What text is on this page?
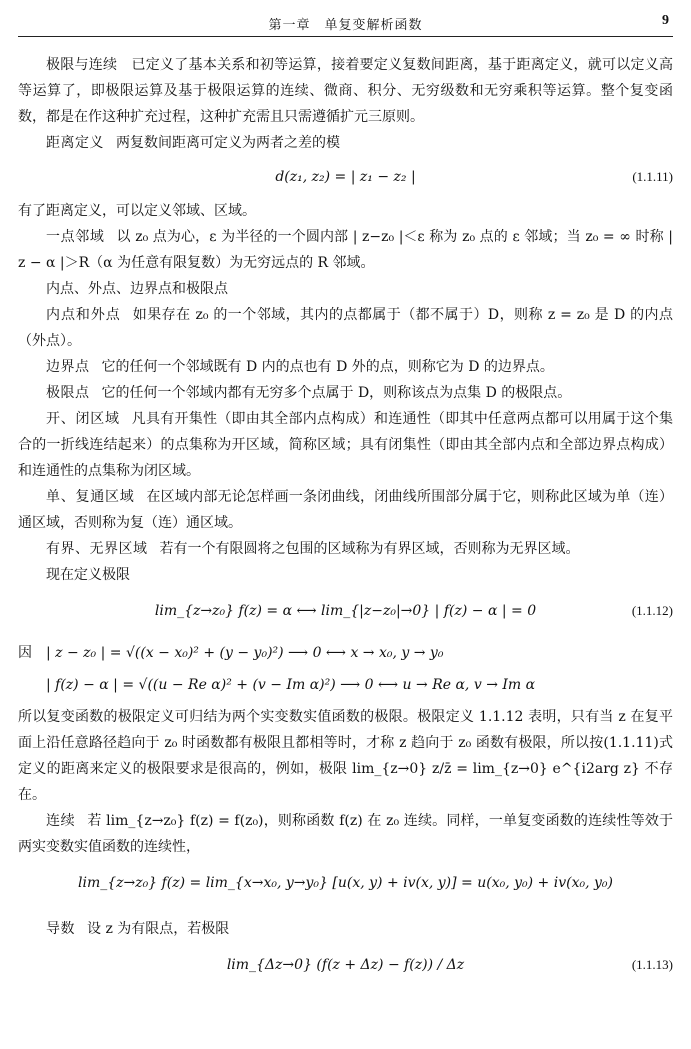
第一章　单复变解析函数	9

极限与连续　已定义了基本关系和初等运算，接着要定义复数间距离，基于距离定义，就可以定义高等运算了，即极限运算及基于极限运算的连续、微商、积分、无穷级数和无穷乘积等运算。整个复变函数，都是在作这种扩充过程，这种扩充需且只需遵循扩元三原则。

距离定义 两复数间距离可定义为两者之差的模

d(z₁, z₂) = | z₁ − z₂ |	(1.1.11)

有了距离定义，可以定义邻域、区域。

一点邻域 以 z₀ 点为心，ε 为半径的一个圆内部 | z−z₀ |＜ε 称为 z₀ 点的 ε 邻域；当 z₀ = ∞ 时称 | z − α |＞R（α 为任意有限复数）为无穷远点的 R 邻域。

内点、外点、边界点和极限点

内点和外点 如果存在 z₀ 的一个邻域，其内的点都属于（都不属于）D，则称 z = z₀ 是 D 的内点（外点）。

边界点 它的任何一个邻域既有 D 内的点也有 D 外的点，则称它为 D 的边界点。

极限点 它的任何一个邻域内都有无穷多个点属于 D，则称该点为点集 D 的极限点。

开、闭区域 凡具有开集性（即由其全部内点构成）和连通性（即其中任意两点都可以用属于这个集合的一折线连结起来）的点集称为开区域，简称区域；具有闭集性（即由其全部内点和全部边界点构成）和连通性的点集称为闭区域。

单、复通区域 在区域内部无论怎样画一条闭曲线，闭曲线所围部分属于它，则称此区域为单（连）通区域，否则称为复（连）通区域。

有界、无界区域 若有一个有限圆将之包围的区域称为有界区域，否则称为无界区域。

现在定义极限

lim_{z→z₀} f(z) = α ⟷ lim_{|z−z₀|→0} | f(z) − α | = 0	(1.1.12)
因 | z − z₀ | = √((x − x₀)² + (y − y₀)²) ⟶ 0 ⟷ x → x₀, y → y₀
| f(z) − α | = √((u − Re α)² + (v − Im α)²) ⟶ 0 ⟷ u → Re α, v → Im α

所以复变函数的极限定义可归结为两个实变数实值函数的极限。极限定义 1.1.12 表明，只有当 z 在复平面上沿任意路径趋向于 z₀ 时函数都有极限且都相等时，才称 z 趋向于 z₀ 函数有极限，所以按(1.1.11)式定义的距离来定义的极限要求是很高的，例如，极限 lim_{z→0} z/z̄ = lim_{z→0} e^{i2arg z} 不存在。

连续 若 lim_{z→z₀} f(z) = f(z₀)，则称函数 f(z) 在 z₀ 连续。同样，一单复变函数的连续性等效于两实变数实值函数的连续性，

lim_{z→z₀} f(z) = lim_{x→x₀, y→y₀} [u(x, y) + iv(x, y)] = u(x₀, y₀) + iv(x₀, y₀)

导数 设 z 为有限点，若极限

lim_{Δz→0} (f(z + Δz) − f(z)) / Δz	(1.1.13)
